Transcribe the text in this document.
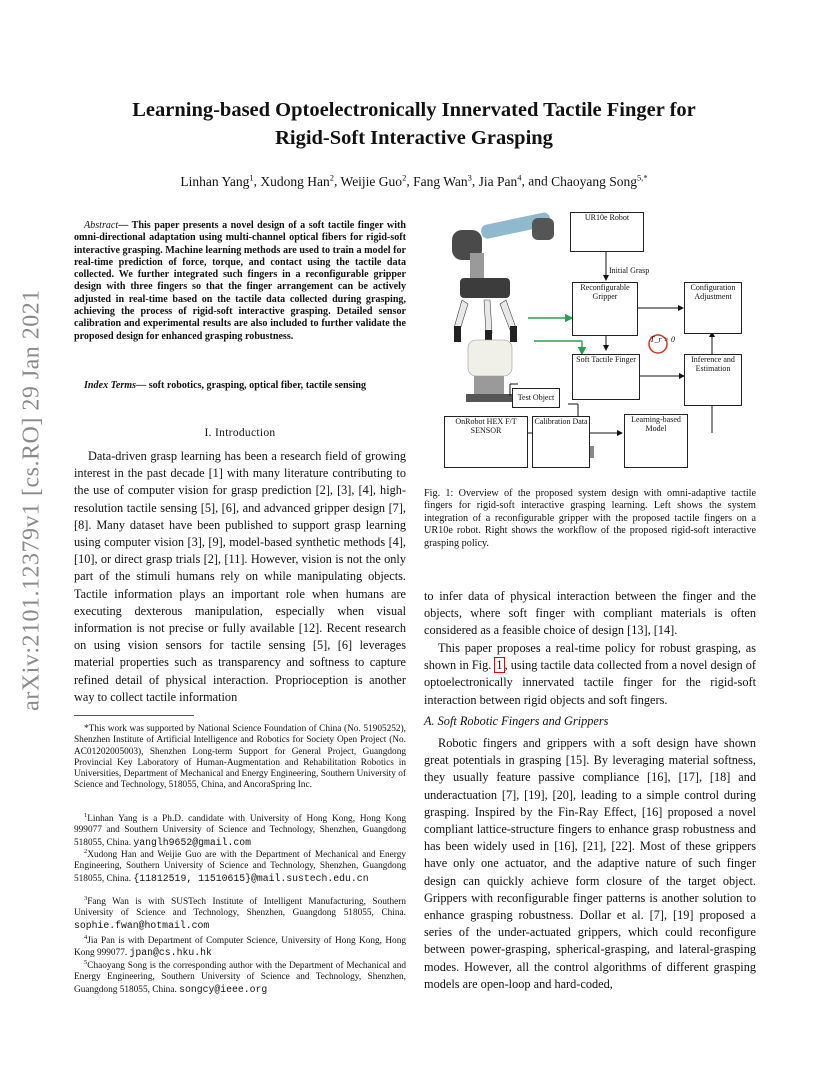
Learning-based Optoelectronically Innervated Tactile Finger for
Rigid-Soft Interactive Grasping
Linhan Yang$^1$, Xudong Han$^2$, Weijie Guo$^2$, Fang Wan$^3$, Jia Pan$^4$, and Chaoyang Song$^{5,*}$
arXiv:2101.12379v1 [cs.RO] 29 Jan 2021

Abstract— This paper presents a novel design of a soft tactile finger with omni-directional adaptation using multi-channel optical fibers for rigid-soft interactive grasping. Machine learning methods are used to train a model for real-time prediction of force, torque, and contact using the tactile data collected. We further integrated such fingers in a reconfigurable gripper design with three fingers so that the finger arrangement can be actively adjusted in real-time based on the tactile data collected during grasping, achieving the process of rigid-soft interactive grasping. Detailed sensor calibration and experimental results are also included to further validate the proposed design for enhanced grasping robustness.

Index Terms— soft robotics, grasping, optical fiber, tactile sensing

I. Introduction

Data-driven grasp learning has been a research field of growing interest in the past decade [1] with many literature contributing to the use of computer vision for grasp prediction [2], [3], [4], high-resolution tactile sensing [5], [6], and advanced gripper design [7], [8]. Many dataset have been published to support grasp learning using computer vision [3], [9], model-based synthetic methods [4], [10], or direct grasp trials [2], [11]. However, vision is not the only part of the stimuli humans rely on while manipulating objects. Tactile information plays an important role when humans are executing dexterous manipulation, especially when visual information is not precise or fully available [12]. Recent research on using vision sensors for tactile sensing [5], [6] leverages material properties such as transparency and softness to capture refined detail of physical interaction. Proprioception is another way to collect tactile information

*This work was supported by National Science Foundation of China (No. 51905252), Shenzhen Institute of Artificial Intelligence and Robotics for Society Open Project (No. AC01202005003), Shenzhen Long-term Support for General Project, Guangdong Provincial Key Laboratory of Human-Augmentation and Rehabilitation Robotics in Universities, Department of Mechanical and Energy Engineering, Southern University of Science and Technology, 518055, China, and AncoraSpring Inc.

$^1$Linhan Yang is a Ph.D. candidate with University of Hong Kong, Hong Kong 999077 and Southern University of Science and Technology, Shenzhen, Guangdong 518055, China. yanglh9652@gmail.com

$^2$Xudong Han and Weijie Guo are with the Department of Mechanical and Energy Engineering, Southern University of Science and Technology, Shenzhen, Guangdong 518055, China. {11812519, 11510615}@mail.sustech.edu.cn

$^3$Fang Wan is with SUSTech Institute of Intelligent Manufacturing, Southern University of Science and Technology, Shenzhen, Guangdong 518055, China. sophie.fwan@hotmail.com

$^4$Jia Pan is with Department of Computer Science, University of Hong Kong, Hong Kong 999077. jpan@cs.hku.hk

$^5$Chaoyang Song is the corresponding author with the Department of Mechanical and Energy Engineering, Southern University of Science and Technology, Shenzhen, Guangdong 518055, China. songcy@ieee.org

UR10e Robot
Initial Grasp
Reconfigurable Gripper
Configuration Adjustment
T_r > 0
Soft Tactile Finger	Inference and Estimation
Test Object
OnRobot HEX F/T SENSOR
Calibration Data	Learning-based Model

Fig. 1: Overview of the proposed system design with omni-adaptive tactile fingers for rigid-soft interactive grasping learning. Left shows the system integration of a reconfigurable gripper with the proposed tactile fingers on a UR10e robot. Right shows the workflow of the proposed rigid-soft interactive grasping policy.

to infer data of physical interaction between the finger and the objects, where soft finger with compliant materials is often considered as a feasible choice of design [13], [14].

This paper proposes a real-time policy for robust grasping, as shown in Fig. 1 , using tactile data collected from a novel design of optoelectronically innervated tactile finger for the rigid-soft interaction between rigid objects and soft fingers.

A. Soft Robotic Fingers and Grippers

Robotic fingers and grippers with a soft design have shown great potentials in grasping [15]. By leveraging material softness, they usually feature passive compliance [16], [17], [18] and underactuation [7], [19], [20], leading to a simple control during grasping. Inspired by the Fin-Ray Effect, [16] proposed a novel compliant lattice-structure fingers to enhance grasp robustness and has been widely used in [16], [21], [22]. Most of these grippers have only one actuator, and the adaptive nature of such finger design can quickly achieve form closure of the target object. Grippers with reconfigurable finger patterns is another solution to enhance grasping robustness. Dollar et al. [7], [19] proposed a series of the under-actuated grippers, which could reconfigure between power-grasping, spherical-grasping, and lateral-grasping modes. However, all the control algorithms of different grasping models are open-loop and hard-coded,
